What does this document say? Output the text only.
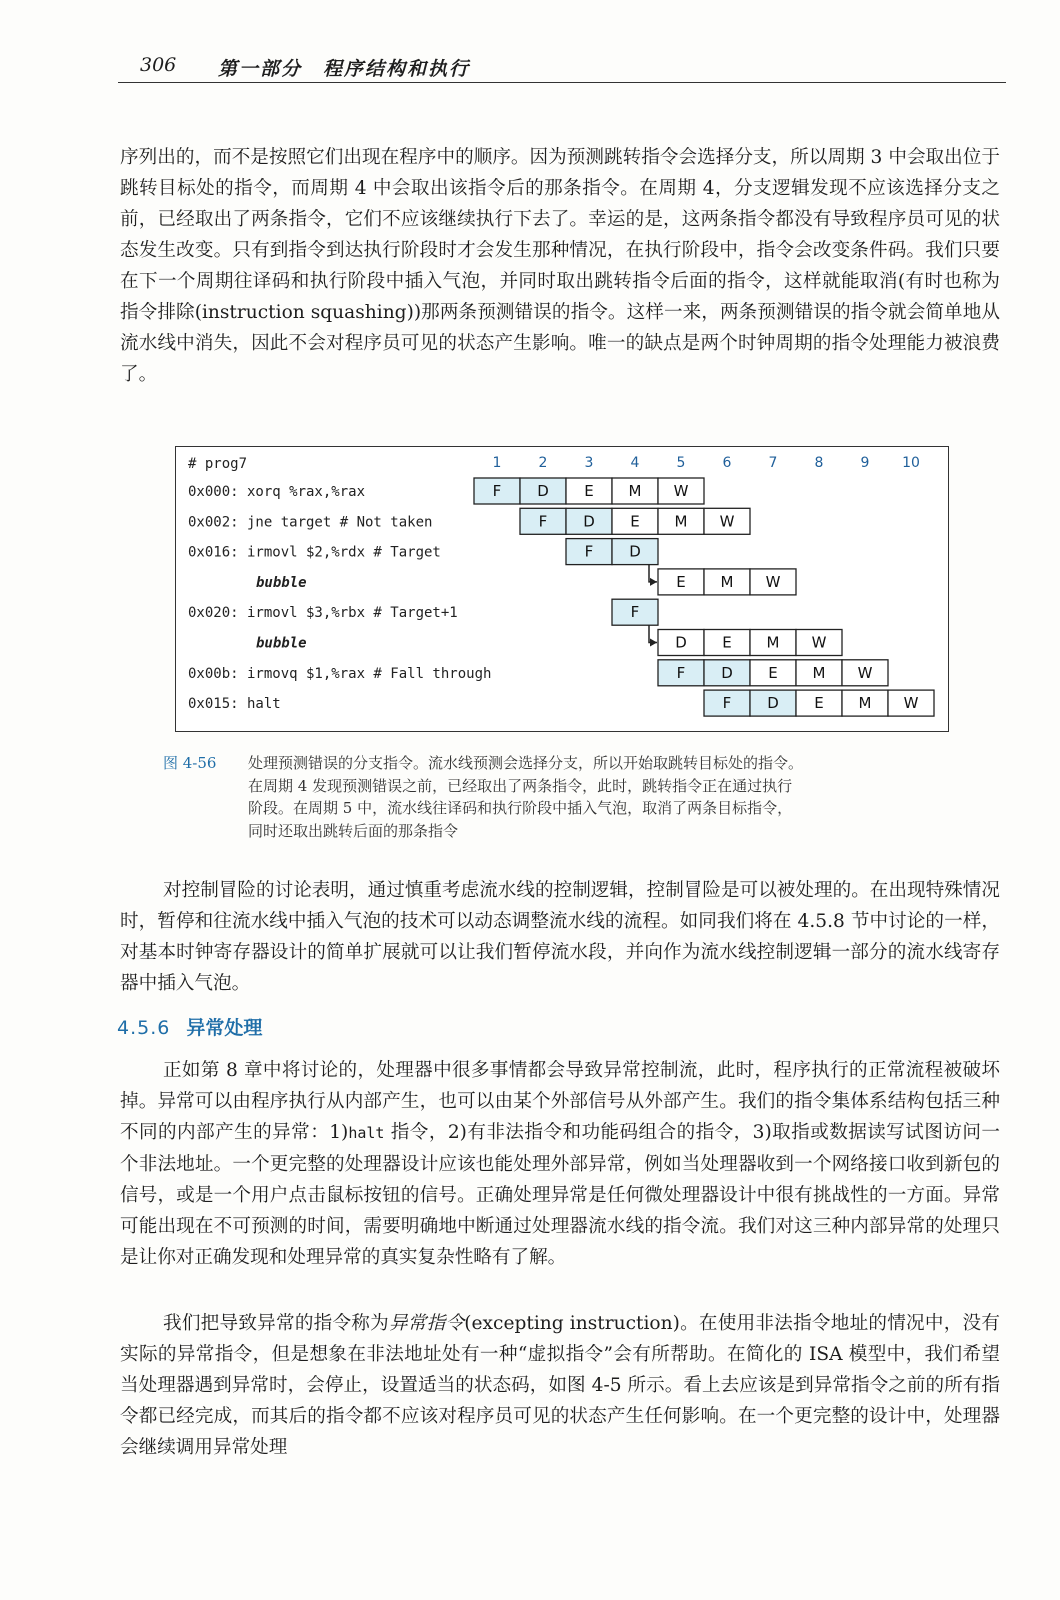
306 第一部分　程序结构和执行

序列出的，而不是按照它们出现在程序中的顺序。因为预测跳转指令会选择分支，所以周期 3 中会取出位于跳转目标处的指令，而周期 4 中会取出该指令后的那条指令。在周期 4，分支逻辑发现不应该选择分支之前，已经取出了两条指令，它们不应该继续执行下去了。幸运的是，这两条指令都没有导致程序员可见的状态发生改变。只有到指令到达执行阶段时才会发生那种情况，在执行阶段中，指令会改变条件码。我们只要在下一个周期往译码和执行阶段中插入气泡，并同时取出跳转指令后面的指令，这样就能取消(有时也称为指令排除(instruction squashing))那两条预测错误的指令。这样一来，两条预测错误的指令就会简单地从流水线中消失，因此不会对程序员可见的状态产生影响。唯一的缺点是两个时钟周期的指令处理能力被浪费了。

# prog7	1	2	3	4	5	6	7	8	9 10
0x000: xorq %rax,%rax	F D E M W
0x002: jne target # Not taken	F D E M W
0x016: irmovl $2,%rdx # Target	F D
bubble	E M W
0x020: irmovl $3,%rbx # Target+1	F
bubble	D E M W
0x00b: irmovq $1,%rax # Fall through	F D E M W
0x015: halt	F D E M W
图 4-56 处理预测错误的分支指令。流水线预测会选择分支，所以开始取跳转目标处的指令。
在周期 4 发现预测错误之前，已经取出了两条指令，此时，跳转指令正在通过执行
阶段。在周期 5 中，流水线往译码和执行阶段中插入气泡，取消了两条目标指令，
同时还取出跳转后面的那条指令

对控制冒险的讨论表明，通过慎重考虑流水线的控制逻辑，控制冒险是可以被处理的。在出现特殊情况时，暂停和往流水线中插入气泡的技术可以动态调整流水线的流程。如同我们将在 4.5.8 节中讨论的一样，对基本时钟寄存器设计的简单扩展就可以让我们暂停流水段，并向作为流水线控制逻辑一部分的流水线寄存器中插入气泡。

4.5.6 异常处理

正如第 8 章中将讨论的，处理器中很多事情都会导致异常控制流，此时，程序执行的正常流程被破坏掉。异常可以由程序执行从内部产生，也可以由某个外部信号从外部产生。我们的指令集体系结构包括三种不同的内部产生的异常：1)halt 指令，2)有非法指令和功能码组合的指令，3)取指或数据读写试图访问一个非法地址。一个更完整的处理器设计应该也能处理外部异常，例如当处理器收到一个网络接口收到新包的信号，或是一个用户点击鼠标按钮的信号。正确处理异常是任何微处理器设计中很有挑战性的一方面。异常可能出现在不可预测的时间，需要明确地中断通过处理器流水线的指令流。我们对这三种内部异常的处理只是让你对正确发现和处理异常的真实复杂性略有了解。

我们把导致异常的指令称为异常指令(excepting instruction)。在使用非法指令地址的情况中，没有实际的异常指令，但是想象在非法地址处有一种“虚拟指令”会有所帮助。在简化的 ISA 模型中，我们希望当处理器遇到异常时，会停止，设置适当的状态码，如图 4-5 所示。看上去应该是到异常指令之前的所有指令都已经完成，而其后的指令都不应该对程序员可见的状态产生任何影响。在一个更完整的设计中，处理器会继续调用异常处理
